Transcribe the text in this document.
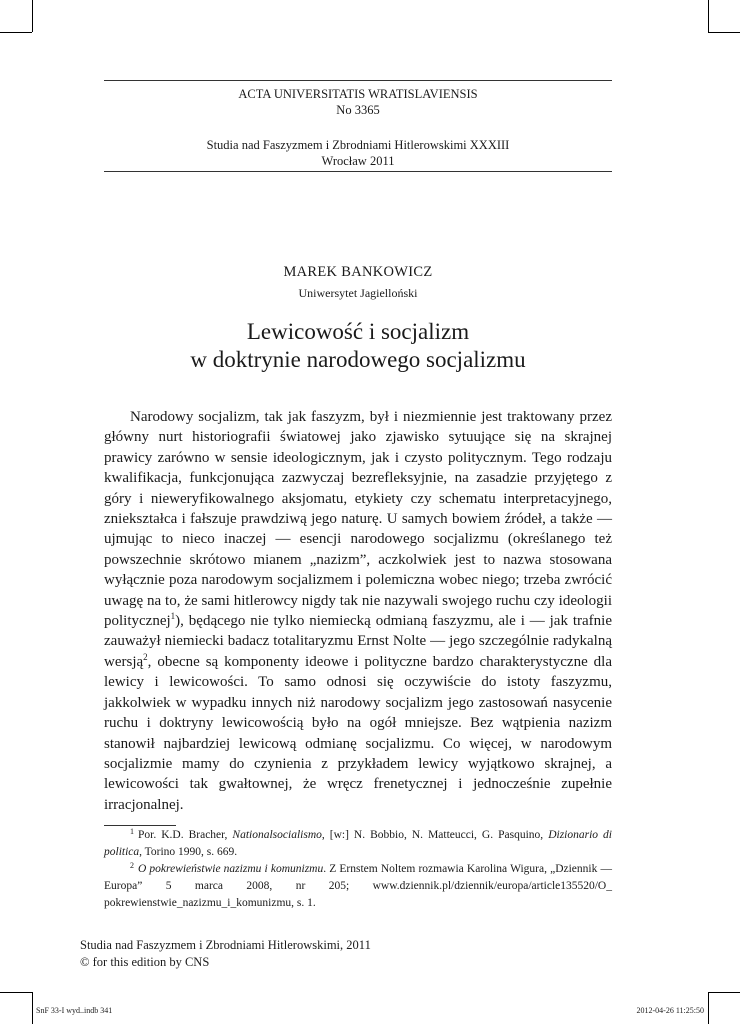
ACTA UNIVERSITATIS WRATISLAVIENSIS
No 3365
Studia nad Faszyzmem i Zbrodniami Hitlerowskimi XXXIII
Wrocław 2011
MAREK BANKOWICZ
Uniwersytet Jagielloński
Lewicowość i socjalizm
w doktrynie narodowego socjalizmu

Narodowy socjalizm, tak jak faszyzm, był i niezmiennie jest traktowany przez główny nurt historiografii światowej jako zjawisko sytuujące się na skrajnej prawicy zarówno w sensie ideologicznym, jak i czysto politycznym. Tego rodzaju kwalifikacja, funkcjonująca zazwyczaj bezrefleksyjnie, na zasadzie przyjętego z góry i nieweryfikowalnego aksjomatu, etykiety czy schematu interpretacyjnego, zniekształca i fałszuje prawdziwą jego naturę. U samych bowiem źródeł, a także — ujmując to nieco inaczej — esencji narodowego socjalizmu (określanego też powszechnie skrótowo mianem „nazizm”, aczkolwiek jest to nazwa stosowana wyłącznie poza narodowym socjalizmem i polemiczna wobec niego; trzeba zwrócić uwagę na to, że sami hitlerowcy nigdy tak nie nazywali swojego ruchu czy ideologii politycznej$^1$), będącego nie tylko niemiecką odmianą faszyzmu, ale i — jak trafnie zauważył niemiecki badacz totalitaryzmu Ernst Nolte — jego szczególnie radykalną wersją$^2$, obecne są komponenty ideowe i polityczne bardzo charakterystyczne dla lewicy i lewicowości. To samo odnosi się oczywiście do istoty faszyzmu, jakkolwiek w wypadku innych niż narodowy socjalizm jego zastosowań nasycenie ruchu i doktryny lewicowością było na ogół mniejsze. Bez wątpienia nazizm stanowił najbardziej lewicową odmianę socjalizmu. Co więcej, w narodowym socjalizmie mamy do czynienia z przykładem lewicy wyjątkowo skrajnej, a lewicowości tak gwałtownej, że wręcz frenetycznej i jednocześnie zupełnie irracjonalnej.

$^1$ Por. K.D. Bracher, Nationalsocialismo, [w:] N. Bobbio, N. Matteucci, G. Pasquino, Dizionario di politica, Torino 1990, s. 669.

$^2$ O pokrewieństwie nazizmu i komunizmu. Z Ernstem Noltem rozmawia Karolina Wigura, „Dziennik — Europa” 5 marca 2008, nr 205; www.dziennik.pl/dziennik/europa/article135520/O_ pokrewienstwie_nazizmu_i_komunizmu, s. 1.

Studia nad Faszyzmem i Zbrodniami Hitlerowskimi, 2011
© for this edition by CNS
SnF 33-I wyd..indb 341	2012-04-26 11:25:50
